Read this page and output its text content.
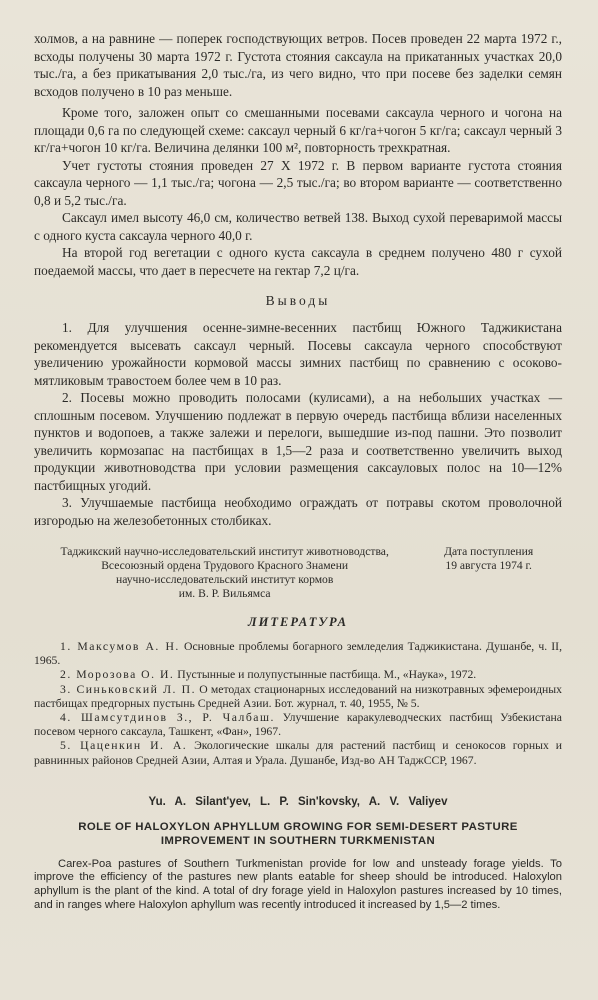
холмов, а на равнине — поперек господствующих ветров. Посев проведен 22 марта 1972 г., всходы получены 30 марта 1972 г. Густота стояния саксаула на прикатанных участках 20,0 тыс./га, а без прикатывания 2,0 тыс./га, из чего видно, что при посеве без заделки семян всходов получено в 10 раз меньше.

Кроме того, заложен опыт со смешанными посевами саксаула черного и чогона на площади 0,6 га по следующей схеме: саксаул черный 6 кг/га+чогон 5 кг/га; саксаул черный 3 кг/га+чогон 10 кг/га. Величина делянки 100 м², повторность трехкратная.

Учет густоты стояния проведен 27 X 1972 г. В первом варианте густота стояния саксаула черного — 1,1 тыс./га; чогона — 2,5 тыс./га; во втором варианте — соответственно 0,8 и 5,2 тыс./га.

Саксаул имел высоту 46,0 см, количество ветвей 138. Выход сухой переваримой массы с одного куста саксаула черного 40,0 г.

На второй год вегетации с одного куста саксаула в среднем получено 480 г сухой поедаемой массы, что дает в пересчете на гектар 7,2 ц/га.

Выводы

1. Для улучшения осенне-зимне-весенних пастбищ Южного Таджикистана рекомендуется высевать саксаул черный. Посевы саксаула черного способствуют увеличению урожайности кормовой массы зимних пастбищ по сравнению с осоково-мятликовым травостоем более чем в 10 раз.

2. Посевы можно проводить полосами (кулисами), а на небольших участках — сплошным посевом. Улучшению подлежат в первую очередь пастбища вблизи населенных пунктов и водопоев, а также залежи и перелоги, вышедшие из-под пашни. Это позволит увеличить кормозапас на пастбищах в 1,5—2 раза и соответственно увеличить выход продукции животноводства при условии размещения саксауловых полос на 10—12% пастбищных угодий.

3. Улучшаемые пастбища необходимо ограждать от потравы скотом проволочной изгородью на железобетонных столбиках.

Таджикский научно-исследовательский институт животноводства,
Всесоюзный ордена Трудового Красного Знамени
научно-исследовательский институт кормов
им. В. Р. Вильямса
Дата поступления
19 августа 1974 г.
ЛИТЕРАТУРА

1. Максумов А. Н. Основные проблемы богарного земледелия Таджикистана. Душанбе, ч. II, 1965.

2. Морозова О. И. Пустынные и полупустынные пастбища. М., «Наука», 1972.

3. Синьковский Л. П. О методах стационарных исследований на низкотравных эфемероидных пастбищах предгорных пустынь Средней Азии. Бот. журнал, т. 40, 1955, № 5.

4. Шамсутдинов З., Р. Чалбаш. Улучшение каракулеводческих пастбищ Узбекистана посевом черного саксаула, Ташкент, «Фан», 1967.

5. Цаценкин И. А. Экологические шкалы для растений пастбищ и сенокосов горных и равнинных районов Средней Азии, Алтая и Урала. Душанбе, Изд-во АН ТаджССР, 1967.

Yu. A. Silant'yev, L. P. Sin'kovsky, A. V. Valiyev
ROLE OF HALOXYLON APHYLLUM GROWING FOR SEMI-DESERT PASTURE
IMPROVEMENT IN SOUTHERN TURKMENISTAN

Carex-Poa pastures of Southern Turkmenistan provide for low and unsteady forage yields. To improve the efficiency of the pastures new plants eatable for sheep should be introduced. Haloxylon aphyllum is the plant of the kind. A total of dry forage yield in Haloxylon pastures increased by 10 times, and in ranges where Haloxylon aphyllum was recently introduced it increased by 1,5—2 times.
